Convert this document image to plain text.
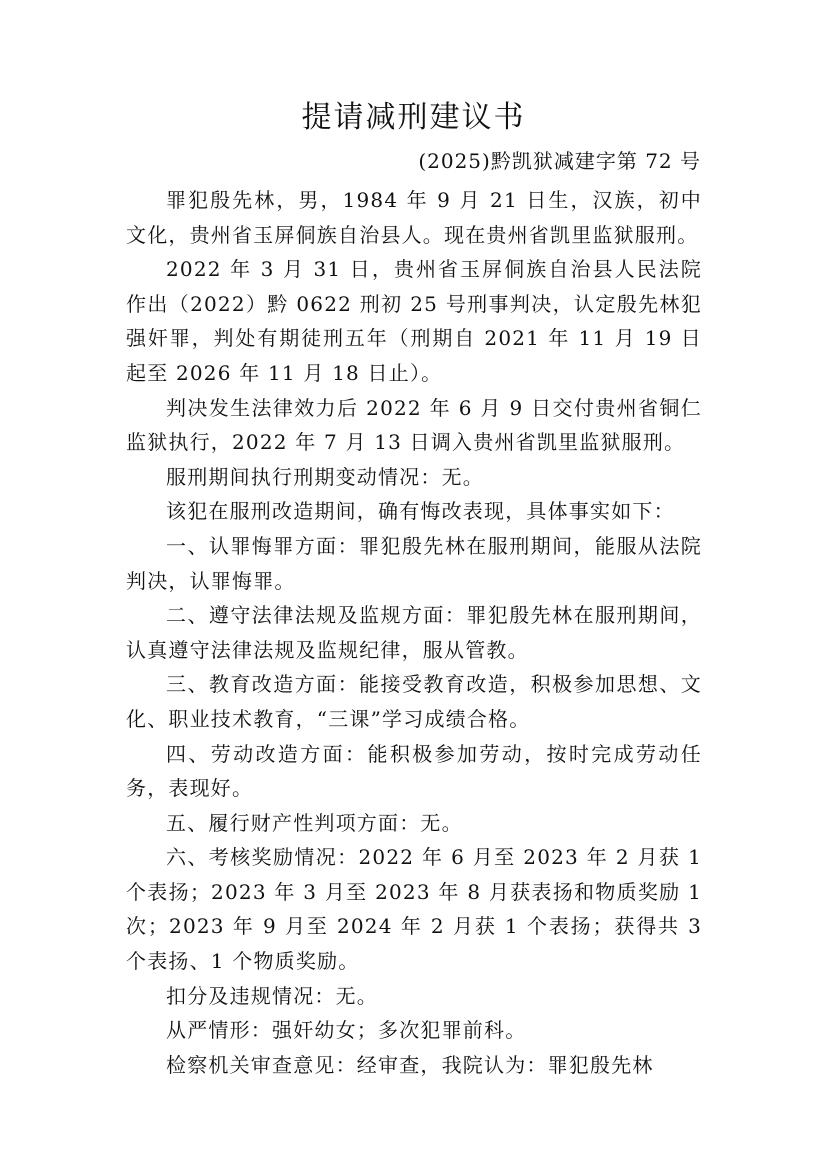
提请减刑建议书
(2025)黔凯狱减建字第 72 号

罪犯殷先林，男，1984 年 9 月 21 日生，汉族，初中文化，贵州省玉屏侗族自治县人。现在贵州省凯里监狱服刑。

2022 年 3 月 31 日，贵州省玉屏侗族自治县人民法院作出（2022）黔 0622 刑初 25 号刑事判决，认定殷先林犯强奸罪，判处有期徒刑五年（刑期自 2021 年 11 月 19 日起至 2026 年 11 月 18 日止）。

判决发生法律效力后 2022 年 6 月 9 日交付贵州省铜仁监狱执行，2022 年 7 月 13 日调入贵州省凯里监狱服刑。

服刑期间执行刑期变动情况：无。

该犯在服刑改造期间，确有悔改表现，具体事实如下：

一、认罪悔罪方面：罪犯殷先林在服刑期间，能服从法院判决，认罪悔罪。

二、遵守法律法规及监规方面：罪犯殷先林在服刑期间，认真遵守法律法规及监规纪律，服从管教。

三、教育改造方面：能接受教育改造，积极参加思想、文化、职业技术教育，“三课”学习成绩合格。

四、劳动改造方面：能积极参加劳动，按时完成劳动任务，表现好。

五、履行财产性判项方面：无。

六、考核奖励情况：2022 年 6 月至 2023 年 2 月获 1 个表扬；2023 年 3 月至 2023 年 8 月获表扬和物质奖励 1 次；2023 年 9 月至 2024 年 2 月获 1 个表扬；获得共 3 个表扬、1 个物质奖励。

扣分及违规情况：无。

从严情形：强奸幼女；多次犯罪前科。

检察机关审查意见：经审查，我院认为：罪犯殷先林
